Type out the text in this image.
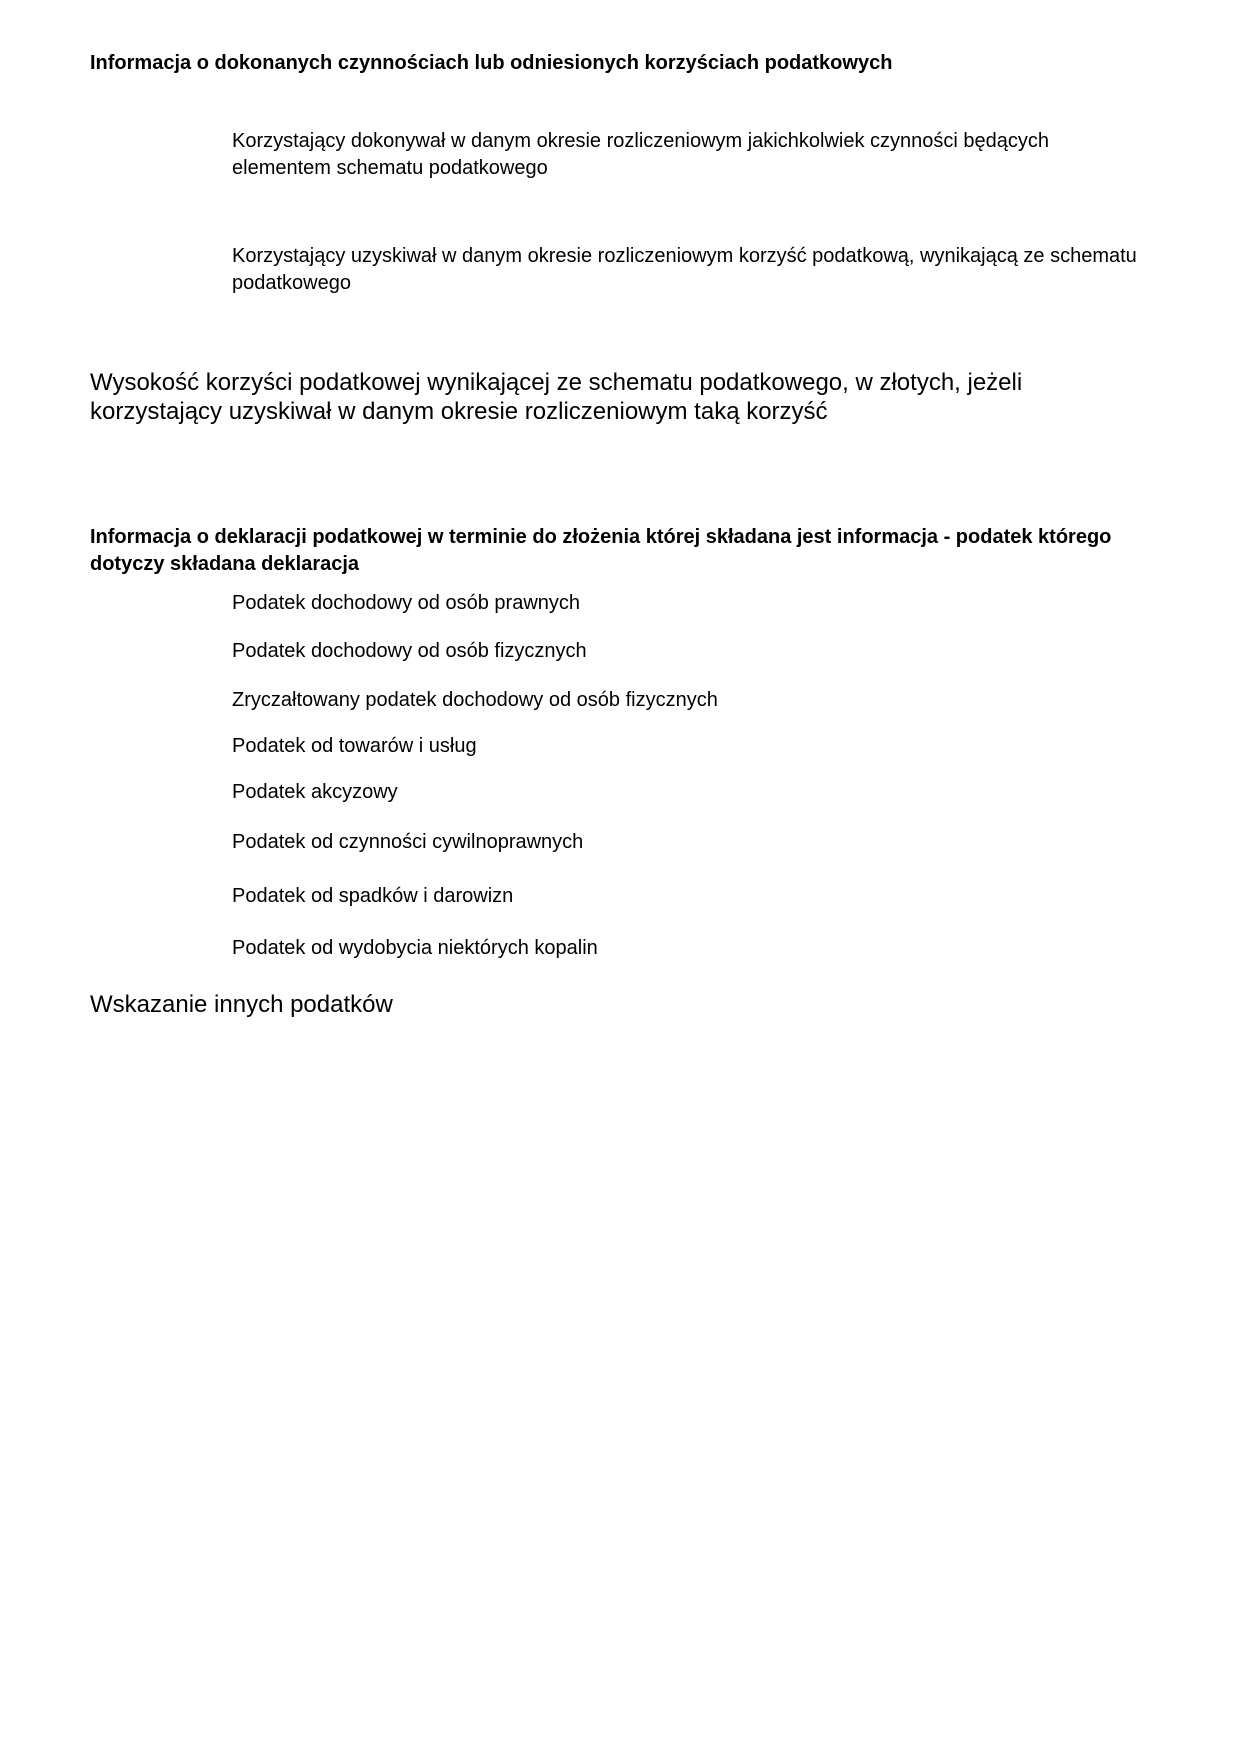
Informacja o dokonanych czynnościach lub odniesionych korzyściach podatkowych
Korzystający dokonywał w danym okresie rozliczeniowym jakichkolwiek czynności będących elementem schematu podatkowego
Korzystający uzyskiwał w danym okresie rozliczeniowym korzyść podatkową, wynikającą ze schematu podatkowego
Wysokość korzyści podatkowej wynikającej ze schematu podatkowego, w złotych, jeżeli korzystający uzyskiwał w danym okresie rozliczeniowym taką korzyść
Informacja o deklaracji podatkowej w terminie do złożenia której składana jest informacja - podatek którego dotyczy składana deklaracja
Podatek dochodowy od osób prawnych
Podatek dochodowy od osób fizycznych
Zryczałtowany podatek dochodowy od osób fizycznych
Podatek od towarów i usług
Podatek akcyzowy
Podatek od czynności cywilnoprawnych
Podatek od spadków i darowizn
Podatek od wydobycia niektórych kopalin
Wskazanie innych podatków
